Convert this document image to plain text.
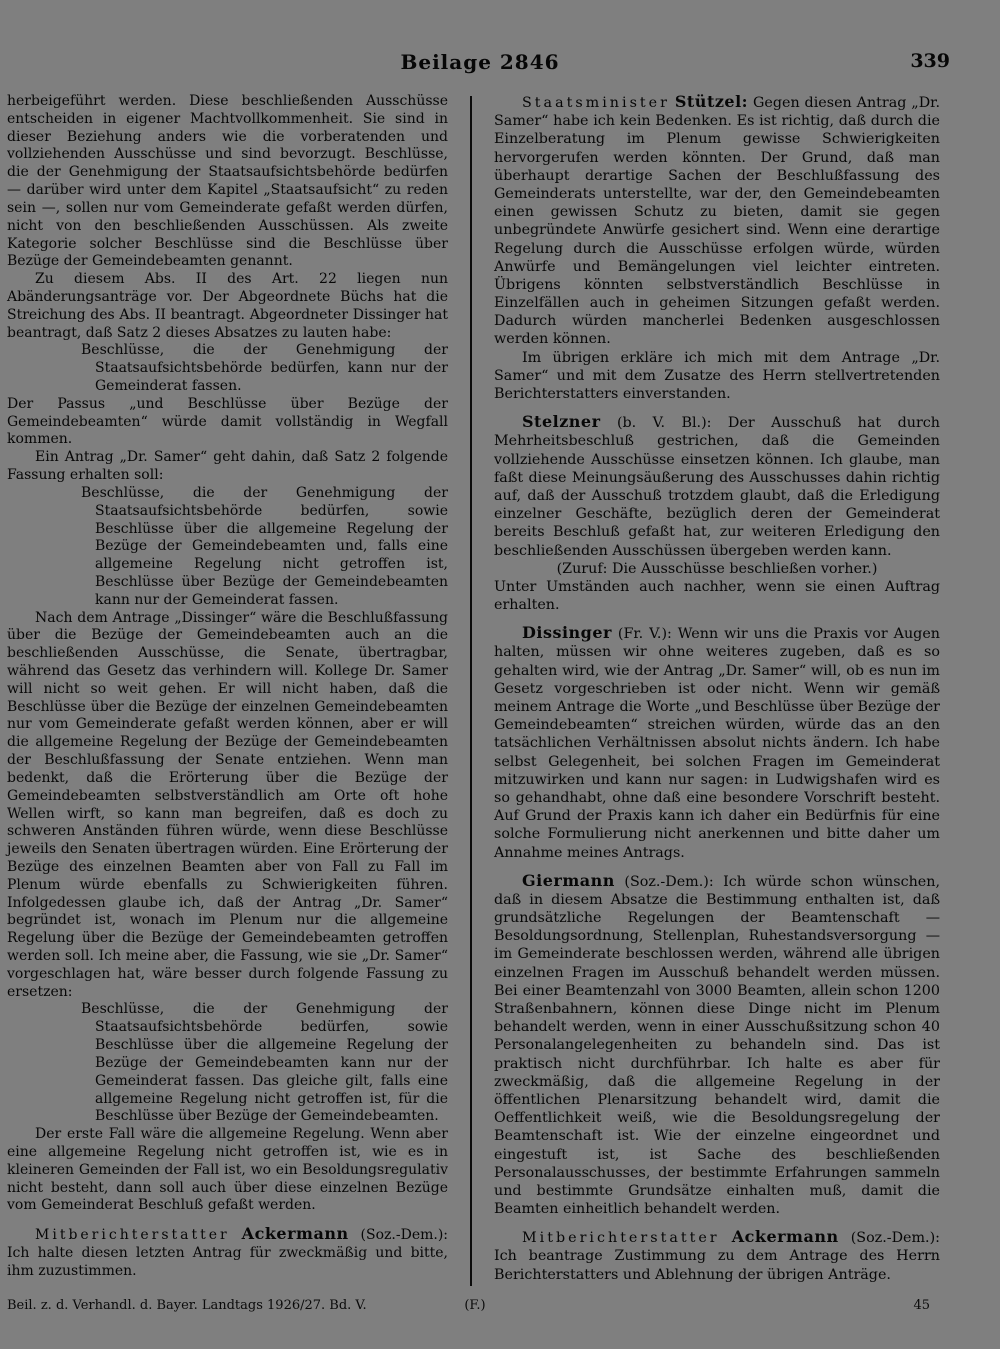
Beilage 2846	339

herbeigeführt werden. Diese beschließenden Ausschüsse entscheiden in eigener Machtvollkommenheit. Sie sind in dieser Beziehung anders wie die vorberatenden und vollziehenden Ausschüsse und sind bevorzugt. Beschlüsse, die der Genehmigung der Staatsaufsichtsbehörde bedürfen — darüber wird unter dem Kapitel „Staatsaufsicht“ zu reden sein —, sollen nur vom Gemeinderate gefaßt werden dürfen, nicht von den beschließenden Ausschüssen. Als zweite Kategorie solcher Beschlüsse sind die Beschlüsse über Bezüge der Gemeindebeamten genannt.

Zu diesem Abs. II des Art. 22 liegen nun Abänderungsanträge vor. Der Abgeordnete Büchs hat die Streichung des Abs. II beantragt. Abgeordneter Dissinger hat beantragt, daß Satz 2 dieses Absatzes zu lauten habe:

Beschlüsse, die der Genehmigung der Staatsaufsichtsbehörde bedürfen, kann nur der Gemeinderat fassen.

Der Passus „und Beschlüsse über Bezüge der Gemeindebeamten“ würde damit vollständig in Wegfall kommen.

Ein Antrag „Dr. Samer“ geht dahin, daß Satz 2 folgende Fassung erhalten soll:

Beschlüsse, die der Genehmigung der Staatsaufsichtsbehörde bedürfen, sowie Beschlüsse über die allgemeine Regelung der Bezüge der Gemeindebeamten und, falls eine allgemeine Regelung nicht getroffen ist, Beschlüsse über Bezüge der Gemeindebeamten kann nur der Gemeinderat fassen.

Nach dem Antrage „Dissinger“ wäre die Beschlußfassung über die Bezüge der Gemeindebeamten auch an die beschließenden Ausschüsse, die Senate, übertragbar, während das Gesetz das verhindern will. Kollege Dr. Samer will nicht so weit gehen. Er will nicht haben, daß die Beschlüsse über die Bezüge der einzelnen Gemeindebeamten nur vom Gemeinderate gefaßt werden können, aber er will die allgemeine Regelung der Bezüge der Gemeindebeamten der Beschlußfassung der Senate entziehen. Wenn man bedenkt, daß die Erörterung über die Bezüge der Gemeindebeamten selbstverständlich am Orte oft hohe Wellen wirft, so kann man begreifen, daß es doch zu schweren Anständen führen würde, wenn diese Beschlüsse jeweils den Senaten übertragen würden. Eine Erörterung der Bezüge des einzelnen Beamten aber von Fall zu Fall im Plenum würde ebenfalls zu Schwierigkeiten führen. Infolgedessen glaube ich, daß der Antrag „Dr. Samer“ begründet ist, wonach im Plenum nur die allgemeine Regelung über die Bezüge der Gemeindebeamten getroffen werden soll. Ich meine aber, die Fassung, wie sie „Dr. Samer“ vorgeschlagen hat, wäre besser durch folgende Fassung zu ersetzen:

Beschlüsse, die der Genehmigung der Staatsaufsichtsbehörde bedürfen, sowie Beschlüsse über die allgemeine Regelung der Bezüge der Gemeindebeamten kann nur der Gemeinderat fassen. Das gleiche gilt, falls eine allgemeine Regelung nicht getroffen ist, für die Beschlüsse über Bezüge der Gemeindebeamten.

Der erste Fall wäre die allgemeine Regelung. Wenn aber eine allgemeine Regelung nicht getroffen ist, wie es in kleineren Gemeinden der Fall ist, wo ein Besoldungsregulativ nicht besteht, dann soll auch über diese einzelnen Bezüge vom Gemeinderat Beschluß gefaßt werden.

Mitberichterstatter Ackermann (Soz.-Dem.): Ich halte diesen letzten Antrag für zweckmäßig und bitte, ihm zuzustimmen.

Staatsminister Stützel: Gegen diesen Antrag „Dr. Samer“ habe ich kein Bedenken. Es ist richtig, daß durch die Einzelberatung im Plenum gewisse Schwierigkeiten hervorgerufen werden könnten. Der Grund, daß man überhaupt derartige Sachen der Beschlußfassung des Gemeinderats unterstellte, war der, den Gemeindebeamten einen gewissen Schutz zu bieten, damit sie gegen unbegründete Anwürfe gesichert sind. Wenn eine derartige Regelung durch die Ausschüsse erfolgen würde, würden Anwürfe und Bemängelungen viel leichter eintreten. Übrigens könnten selbstverständlich Beschlüsse in Einzelfällen auch in geheimen Sitzungen gefaßt werden. Dadurch würden mancherlei Bedenken ausgeschlossen werden können.

Im übrigen erkläre ich mich mit dem Antrage „Dr. Samer“ und mit dem Zusatze des Herrn stellvertretenden Berichterstatters einverstanden.

Stelzner (b. V. Bl.): Der Ausschuß hat durch Mehrheitsbeschluß gestrichen, daß die Gemeinden vollziehende Ausschüsse einsetzen können. Ich glaube, man faßt diese Meinungsäußerung des Ausschusses dahin richtig auf, daß der Ausschuß trotzdem glaubt, daß die Erledigung einzelner Geschäfte, bezüglich deren der Gemeinderat bereits Beschluß gefaßt hat, zur weiteren Erledigung den beschließenden Ausschüssen übergeben werden kann.

(Zuruf: Die Ausschüsse beschließen vorher.)

Unter Umständen auch nachher, wenn sie einen Auftrag erhalten.

Dissinger (Fr. V.): Wenn wir uns die Praxis vor Augen halten, müssen wir ohne weiteres zugeben, daß es so gehalten wird, wie der Antrag „Dr. Samer“ will, ob es nun im Gesetz vorgeschrieben ist oder nicht. Wenn wir gemäß meinem Antrage die Worte „und Beschlüsse über Bezüge der Gemeindebeamten“ streichen würden, würde das an den tatsächlichen Verhältnissen absolut nichts ändern. Ich habe selbst Gelegenheit, bei solchen Fragen im Gemeinderat mitzuwirken und kann nur sagen: in Ludwigshafen wird es so gehandhabt, ohne daß eine besondere Vorschrift besteht. Auf Grund der Praxis kann ich daher ein Bedürfnis für eine solche Formulierung nicht anerkennen und bitte daher um Annahme meines Antrags.

Giermann (Soz.-Dem.): Ich würde schon wünschen, daß in diesem Absatze die Bestimmung enthalten ist, daß grundsätzliche Regelungen der Beamtenschaft — Besoldungsordnung, Stellenplan, Ruhestandsversorgung — im Gemeinderate beschlossen werden, während alle übrigen einzelnen Fragen im Ausschuß behandelt werden müssen. Bei einer Beamtenzahl von 3000 Beamten, allein schon 1200 Straßenbahnern, können diese Dinge nicht im Plenum behandelt werden, wenn in einer Ausschußsitzung schon 40 Personalangelegenheiten zu behandeln sind. Das ist praktisch nicht durchführbar. Ich halte es aber für zweckmäßig, daß die allgemeine Regelung in der öffentlichen Plenarsitzung behandelt wird, damit die Oeffentlichkeit weiß, wie die Besoldungsregelung der Beamtenschaft ist. Wie der einzelne eingeordnet und eingestuft ist, ist Sache des beschließenden Personalausschusses, der bestimmte Erfahrungen sammeln und bestimmte Grundsätze einhalten muß, damit die Beamten einheitlich behandelt werden.

Mitberichterstatter Ackermann (Soz.-Dem.): Ich beantrage Zustimmung zu dem Antrage des Herrn Berichterstatters und Ablehnung der übrigen Anträge.

Beil. z. d. Verhandl. d. Bayer. Landtags 1926/27. Bd. V.	(F.)	45
